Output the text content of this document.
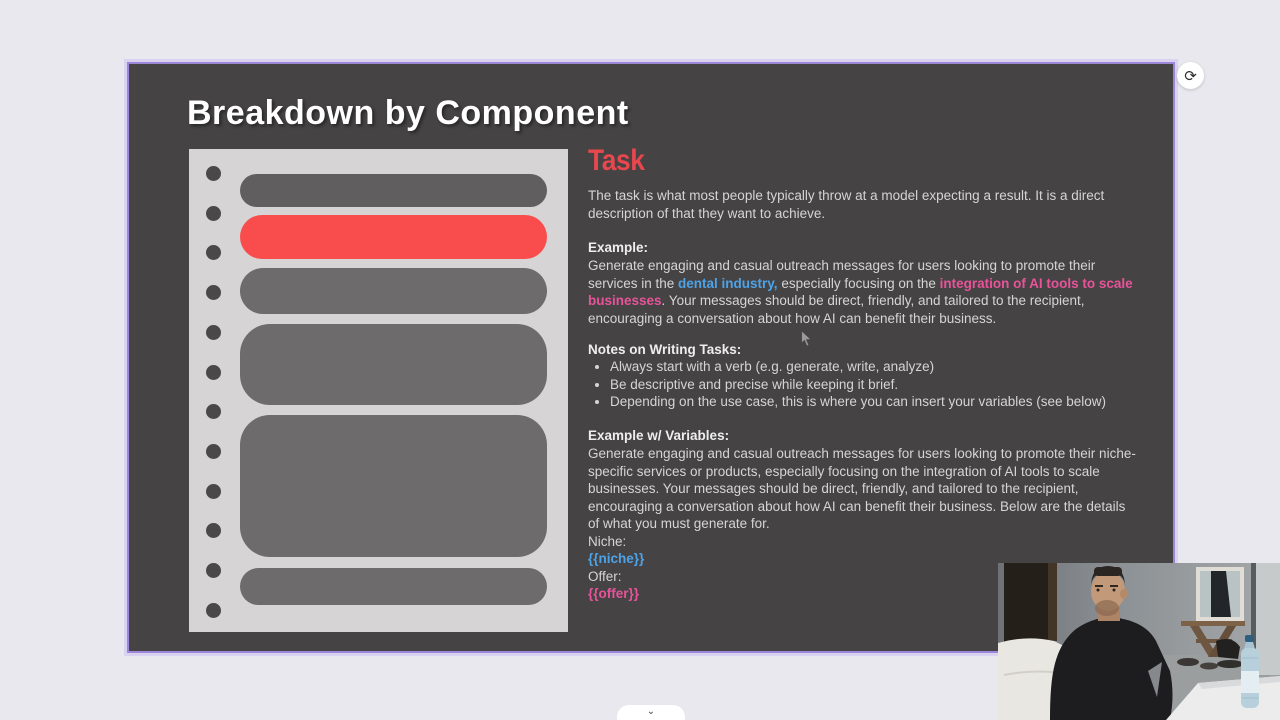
Breakdown by Component
Task
The task is what most people typically throw at a model expecting a result. It is a direct description of that they want to achieve.
Example:
Generate engaging and casual outreach messages for users looking to promote their services in the dental industry, especially focusing on the integration of AI tools to scale businesses. Your messages should be direct, friendly, and tailored to the recipient, encouraging a conversation about how AI can benefit their business.
Notes on Writing Tasks:
• Always start with a verb (e.g. generate, write, analyze)
• Be descriptive and precise while keeping it brief.
• Depending on the use case, this is where you can insert your variables (see below)
Example w/ Variables:
Generate engaging and casual outreach messages for users looking to promote their niche-specific services or products, especially focusing on the integration of AI tools to scale businesses. Your messages should be direct, friendly, and tailored to the recipient, encouraging a conversation about how AI can benefit their business. Below are the details of what you must generate for.
Niche:
{{niche}}
Offer:
{{offer}}
⟳
⌄
